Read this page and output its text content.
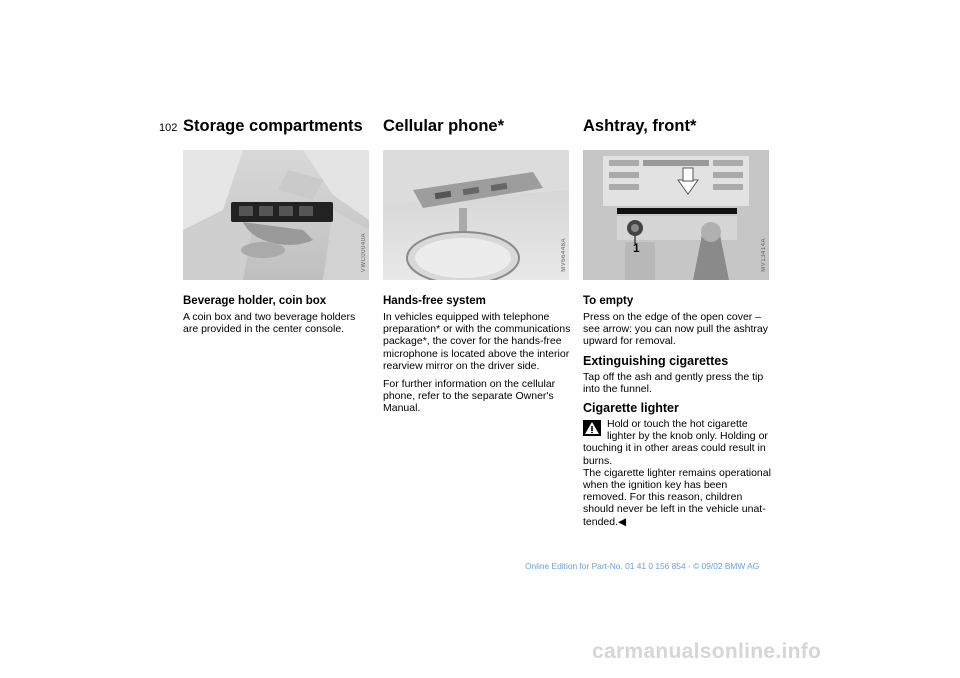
102 Storage compartments
VWC00040A
Beverage holder, coin box

A coin box and two beverage holders are provided in the center console.

Cellular phone*
MV66448A
Hands-free system

In vehicles equipped with telephone preparation* or with the communications package*, the cover for the hands-free microphone is located above the interior rearview mirror on the driver side.

For further information on the cellular phone, refer to the separate Owner's Manual.

Ashtray, front*
1	MV13414A
To empty

Press on the edge of the open cover – see arrow: you can now pull the ashtray upward for removal.

Extinguishing cigarettes

Tap off the ash and gently press the tip into the funnel.

Cigarette lighter

Hold or touch the hot cigarette lighter by the knob only. Holding or touching it in other areas could result in burns.

The cigarette lighter remains operational when the ignition key has been removed. For this reason, children should never be left in the vehicle unattended.◀

Online Edition for Part-No. 01 41 0 156 854 - © 09/02 BMW AG
carmanualsonline.info
